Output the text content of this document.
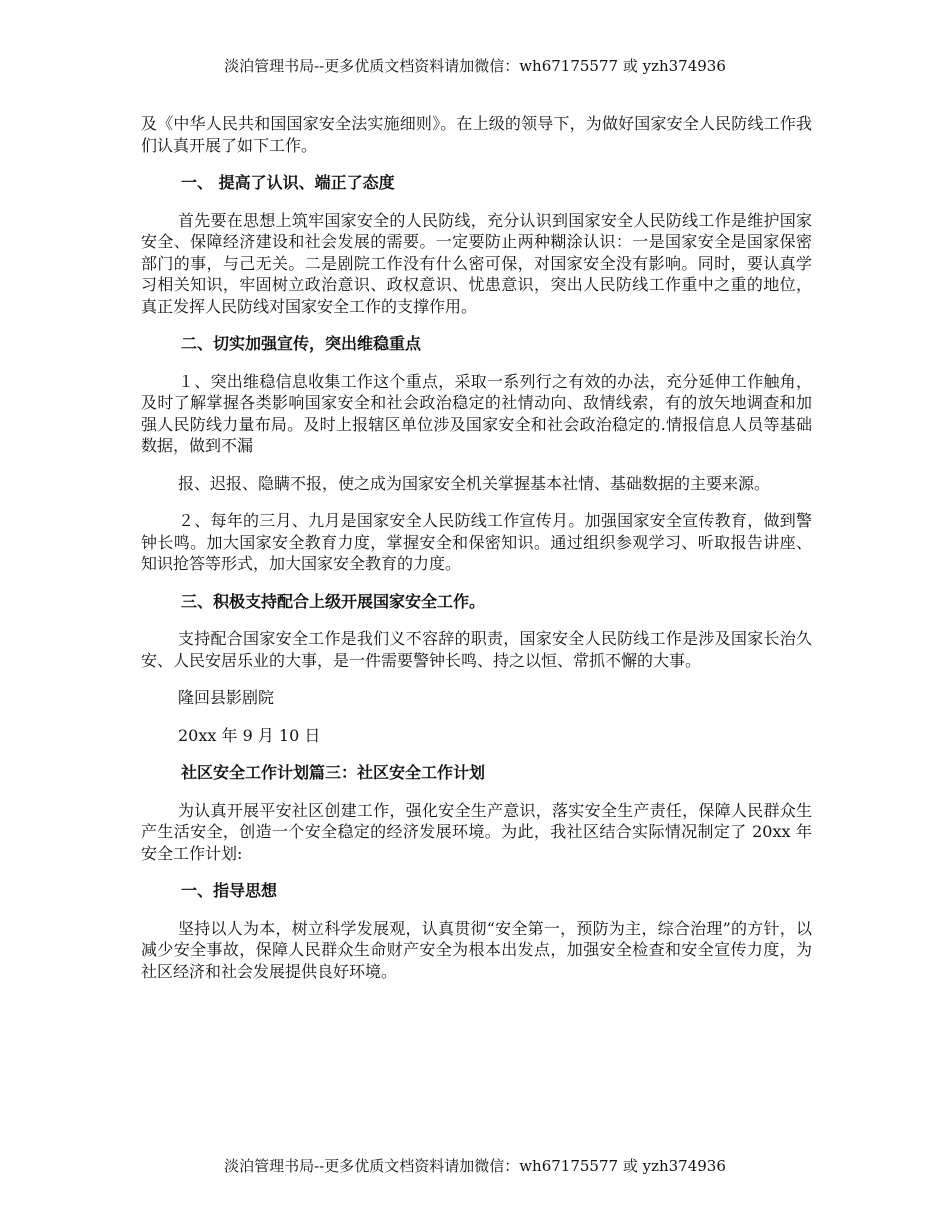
淡泊管理书局--更多优质文档资料请加微信：wh67175577 或 yzh374936

及《中华人民共和国国家安全法实施细则》。在上级的领导下，为做好国家安全人民防线工作我们认真开展了如下工作。

一、 提高了认识、端正了态度

首先要在思想上筑牢国家安全的人民防线，充分认识到国家安全人民防线工作是维护国家安全、保障经济建设和社会发展的需要。一定要防止两种糊涂认识：一是国家安全是国家保密部门的事，与己无关。二是剧院工作没有什么密可保，对国家安全没有影响。同时，要认真学习相关知识，牢固树立政治意识、政权意识、忧患意识，突出人民防线工作重中之重的地位，真正发挥人民防线对国家安全工作的支撑作用。

二、切实加强宣传，突出维稳重点

１、突出维稳信息收集工作这个重点，采取一系列行之有效的办法，充分延伸工作触角，及时了解掌握各类影响国家安全和社会政治稳定的社情动向、敌情线索，有的放矢地调查和加强人民防线力量布局。及时上报辖区单位涉及国家安全和社会政治稳定的.情报信息人员等基础数据，做到不漏

报、迟报、隐瞒不报，使之成为国家安全机关掌握基本社情、基础数据的主要来源。

２、每年的三月、九月是国家安全人民防线工作宣传月。加强国家安全宣传教育，做到警钟长鸣。加大国家安全教育力度，掌握安全和保密知识。通过组织参观学习、听取报告讲座、知识抢答等形式，加大国家安全教育的力度。

三、积极支持配合上级开展国家安全工作。

支持配合国家安全工作是我们义不容辞的职责，国家安全人民防线工作是涉及国家长治久安、人民安居乐业的大事，是一件需要警钟长鸣、持之以恒、常抓不懈的大事。

隆回县影剧院

20xx 年 9 月 10 日

社区安全工作计划篇三：社区安全工作计划

为认真开展平安社区创建工作，强化安全生产意识，落实安全生产责任，保障人民群众生产生活安全，创造一个安全稳定的经济发展环境。为此，我社区结合实际情况制定了 20xx 年安全工作计划:

一、指导思想

坚持以人为本，树立科学发展观，认真贯彻“安全第一，预防为主，综合治理”的方针，以减少安全事故，保障人民群众生命财产安全为根本出发点，加强安全检查和安全宣传力度，为社区经济和社会发展提供良好环境。

淡泊管理书局--更多优质文档资料请加微信：wh67175577 或 yzh374936
